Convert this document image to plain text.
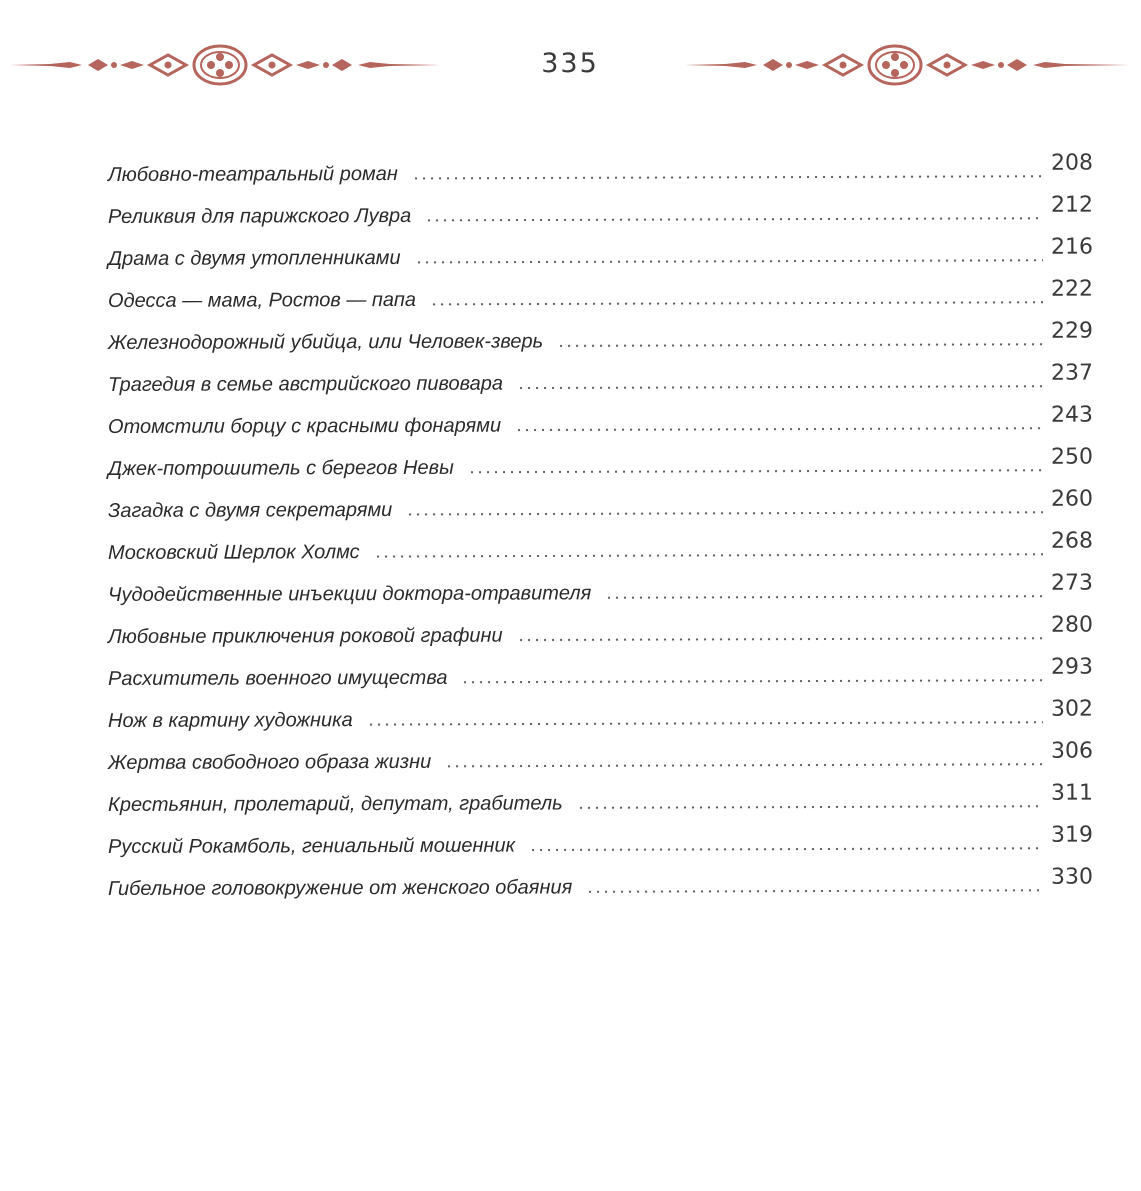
335
Любовно-театральный роман	208
Реликвия для парижского Лувра	212
Драма с двумя утопленниками	216
Одесса — мама, Ростов — папа	222
Железнодорожный убийца, или Человек-зверь	229
Трагедия в семье австрийского пивовара	237
Отомстили борцу с красными фонарями	243
Джек-потрошитель с берегов Невы	250
Загадка с двумя секретарями	260
Московский Шерлок Холмс	268
Чудодейственные инъекции доктора-отравителя	273
Любовные приключения роковой графини	280
Расхититель военного имущества	293
Нож в картину художника	302
Жертва свободного образа жизни	306
Крестьянин, пролетарий, депутат, грабитель	311
Русский Рокамболь, гениальный мошенник	319
Гибельное головокружение от женского обаяния	330
